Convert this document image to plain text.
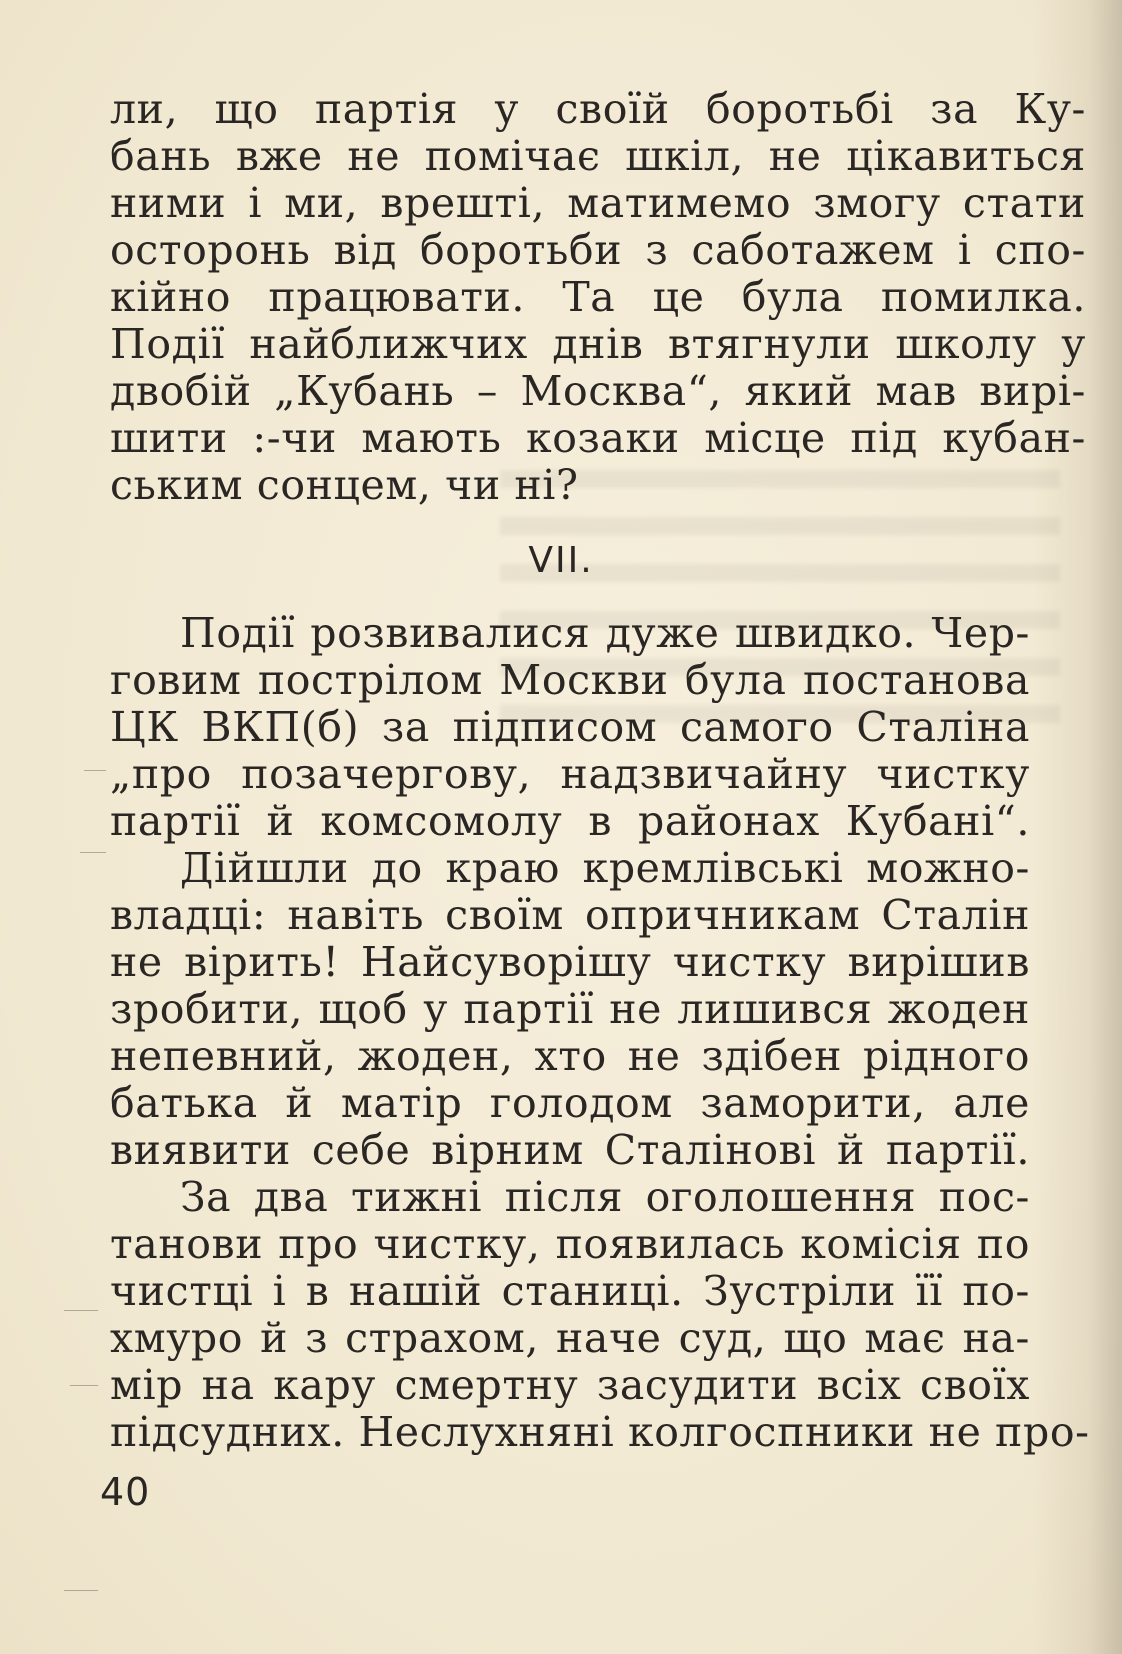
ли, що партія у своїй боротьбі за Ку-
бань вже не помічає шкіл, не цікавиться
ними і ми, врешті, матимемо змогу стати
осторонь від боротьби з саботажем і спо-
кійно працювати. Та це була помилка.
Події найближчих днів втягнули школу у
двобій „Кубань – Москва“, який мав вирі-
шити :-чи мають козаки місце під кубан-
ським сонцем, чи ні?
VII.
Події розвивалися дуже швидко. Чер-
говим пострілом Москви була постанова
ЦК ВКП(б) за підписом самого Сталіна
„про позачергову, надзвичайну чистку
партії й комсомолу в районах Кубані“.
Дійшли до краю кремлівські можно-
владці: навіть своїм опричникам Сталін
не вірить! Найсуворішу чистку вирішив
зробити, щоб у партії не лишився жоден
непевний, жоден, хто не здібен рідного
батька й матір голодом заморити, але
виявити себе вірним Сталінові й партії.
За два тижні після оголошення пос-
танови про чистку, появилась комісія по
чистці і в нашій станиці. Зустріли її по-
хмуро й з страхом, наче суд, що має на-
мір на кару смертну засудити всіх своїх
підсудних. Неслухняні колгоспники не про-
40
